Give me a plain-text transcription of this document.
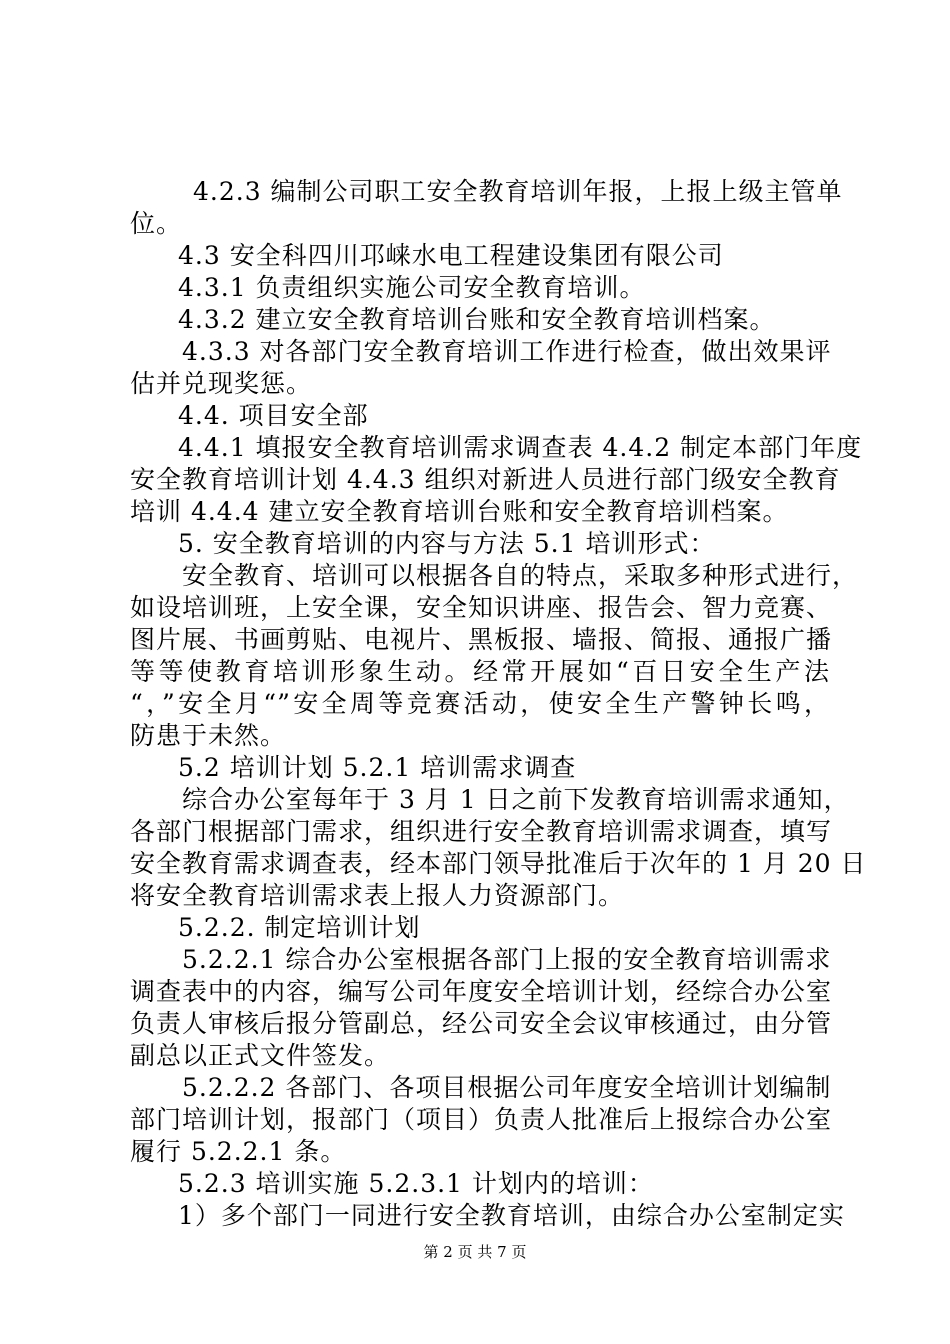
4.2.3 编制公司职工安全教育培训年报，上报上级主管单
位。
4.3 安全科四川邛崃水电工程建设集团有限公司
4.3.1 负责组织实施公司安全教育培训。
4.3.2 建立安全教育培训台账和安全教育培训档案。
4.3.3 对各部门安全教育培训工作进行检查，做出效果评
估并兑现奖惩。
4.4. 项目安全部
4.4.1 填报安全教育培训需求调查表 4.4.2 制定本部门年度
安全教育培训计划 4.4.3 组织对新进人员进行部门级安全教育
培训 4.4.4 建立安全教育培训台账和安全教育培训档案。
5. 安全教育培训的内容与方法 5.1 培训形式：
安全教育、培训可以根据各自的特点，采取多种形式进行，
如设培训班，上安全课，安全知识讲座、报告会、智力竞赛、
图片展、书画剪贴、电视片、黑板报、墙报、简报、通报广播
等等使教育培训形象生动。经常开展如“百日安全生产法
“，”安全月“”安全周等竞赛活动，使安全生产警钟长鸣，
防患于未然。
5.2 培训计划 5.2.1 培训需求调查
综合办公室每年于 3 月 1 日之前下发教育培训需求通知，
各部门根据部门需求，组织进行安全教育培训需求调查，填写
安全教育需求调查表，经本部门领导批准后于次年的 1 月 20 日
将安全教育培训需求表上报人力资源部门。
5.2.2. 制定培训计划
5.2.2.1 综合办公室根据各部门上报的安全教育培训需求
调查表中的内容，编写公司年度安全培训计划，经综合办公室
负责人审核后报分管副总，经公司安全会议审核通过，由分管
副总以正式文件签发。
5.2.2.2 各部门、各项目根据公司年度安全培训计划编制
部门培训计划，报部门（项目）负责人批准后上报综合办公室
履行 5.2.2.1 条。
5.2.3 培训实施 5.2.3.1 计划内的培训：
1）多个部门一同进行安全教育培训，由综合办公室制定实
第 2 页 共 7 页
